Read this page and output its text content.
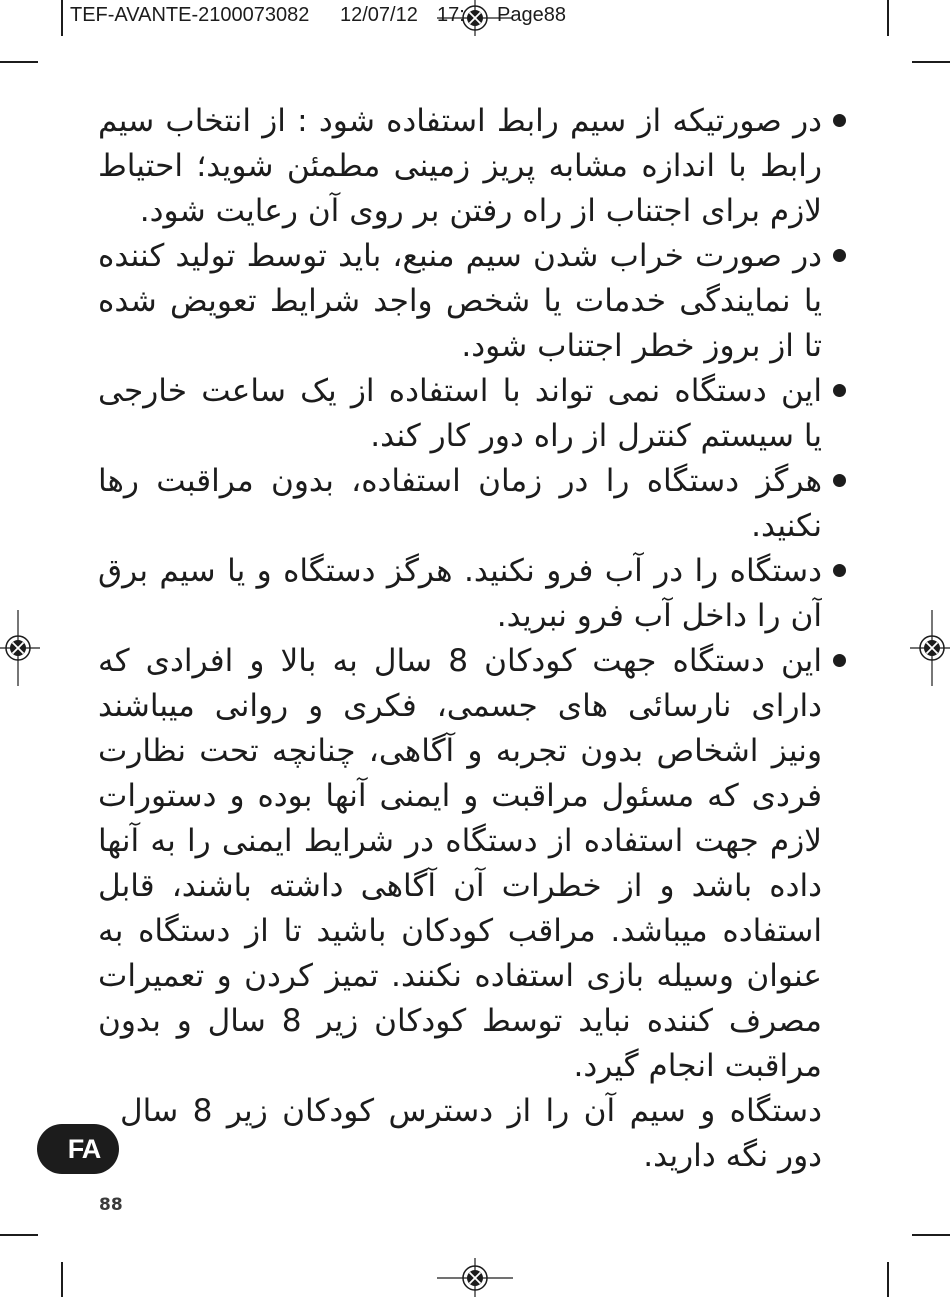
TEF-AVANTE-2100073082 12/07/12 17: Page88
در صورتیکه از سیم رابط استفاده شود : از انتخاب سیم
رابط با اندازه مشابه پریز زمینی مطمئن شوید؛ احتیاط
لازم برای اجتناب از راه رفتن بر روی آن رعایت شود.
در صورت خراب شدن سیم منبع، باید توسط تولید کننده
یا نمایندگی خدمات یا شخص واجد شرایط تعویض شده
تا از بروز خطر اجتناب شود.
این دستگاه نمی تواند با استفاده از یک ساعت خارجی
یا سیستم کنترل از راه دور کار کند.
هرگز دستگاه را در زمان استفاده، بدون مراقبت رها
نکنید.
دستگاه را در آب فرو نکنید. هرگز دستگاه و یا سیم برق
آن را داخل آب فرو نبرید.
این دستگاه جهت کودکان 8 سال به بالا و افرادی که
دارای نارسائی های جسمی، فکری و روانی میباشند
ونیز اشخاص بدون تجربه و آگاهی، چنانچه تحت نظارت
فردی که مسئول مراقبت و ایمنی آنها بوده و دستورات
لازم جهت استفاده از دستگاه در شرایط ایمنی را به آنها
داده باشد و از خطرات آن آگاهی داشته باشند، قابل
استفاده میباشد. مراقب کودکان باشید تا از دستگاه به
عنوان وسیله بازی استفاده نکنند. تمیز کردن و تعمیرات
مصرف کننده نباید توسط کودکان زیر 8 سال و بدون
مراقبت انجام گیرد.
دستگاه و سیم آن را از دسترس کودکان زیر 8 سال
دور نگه دارید.
FA
88
